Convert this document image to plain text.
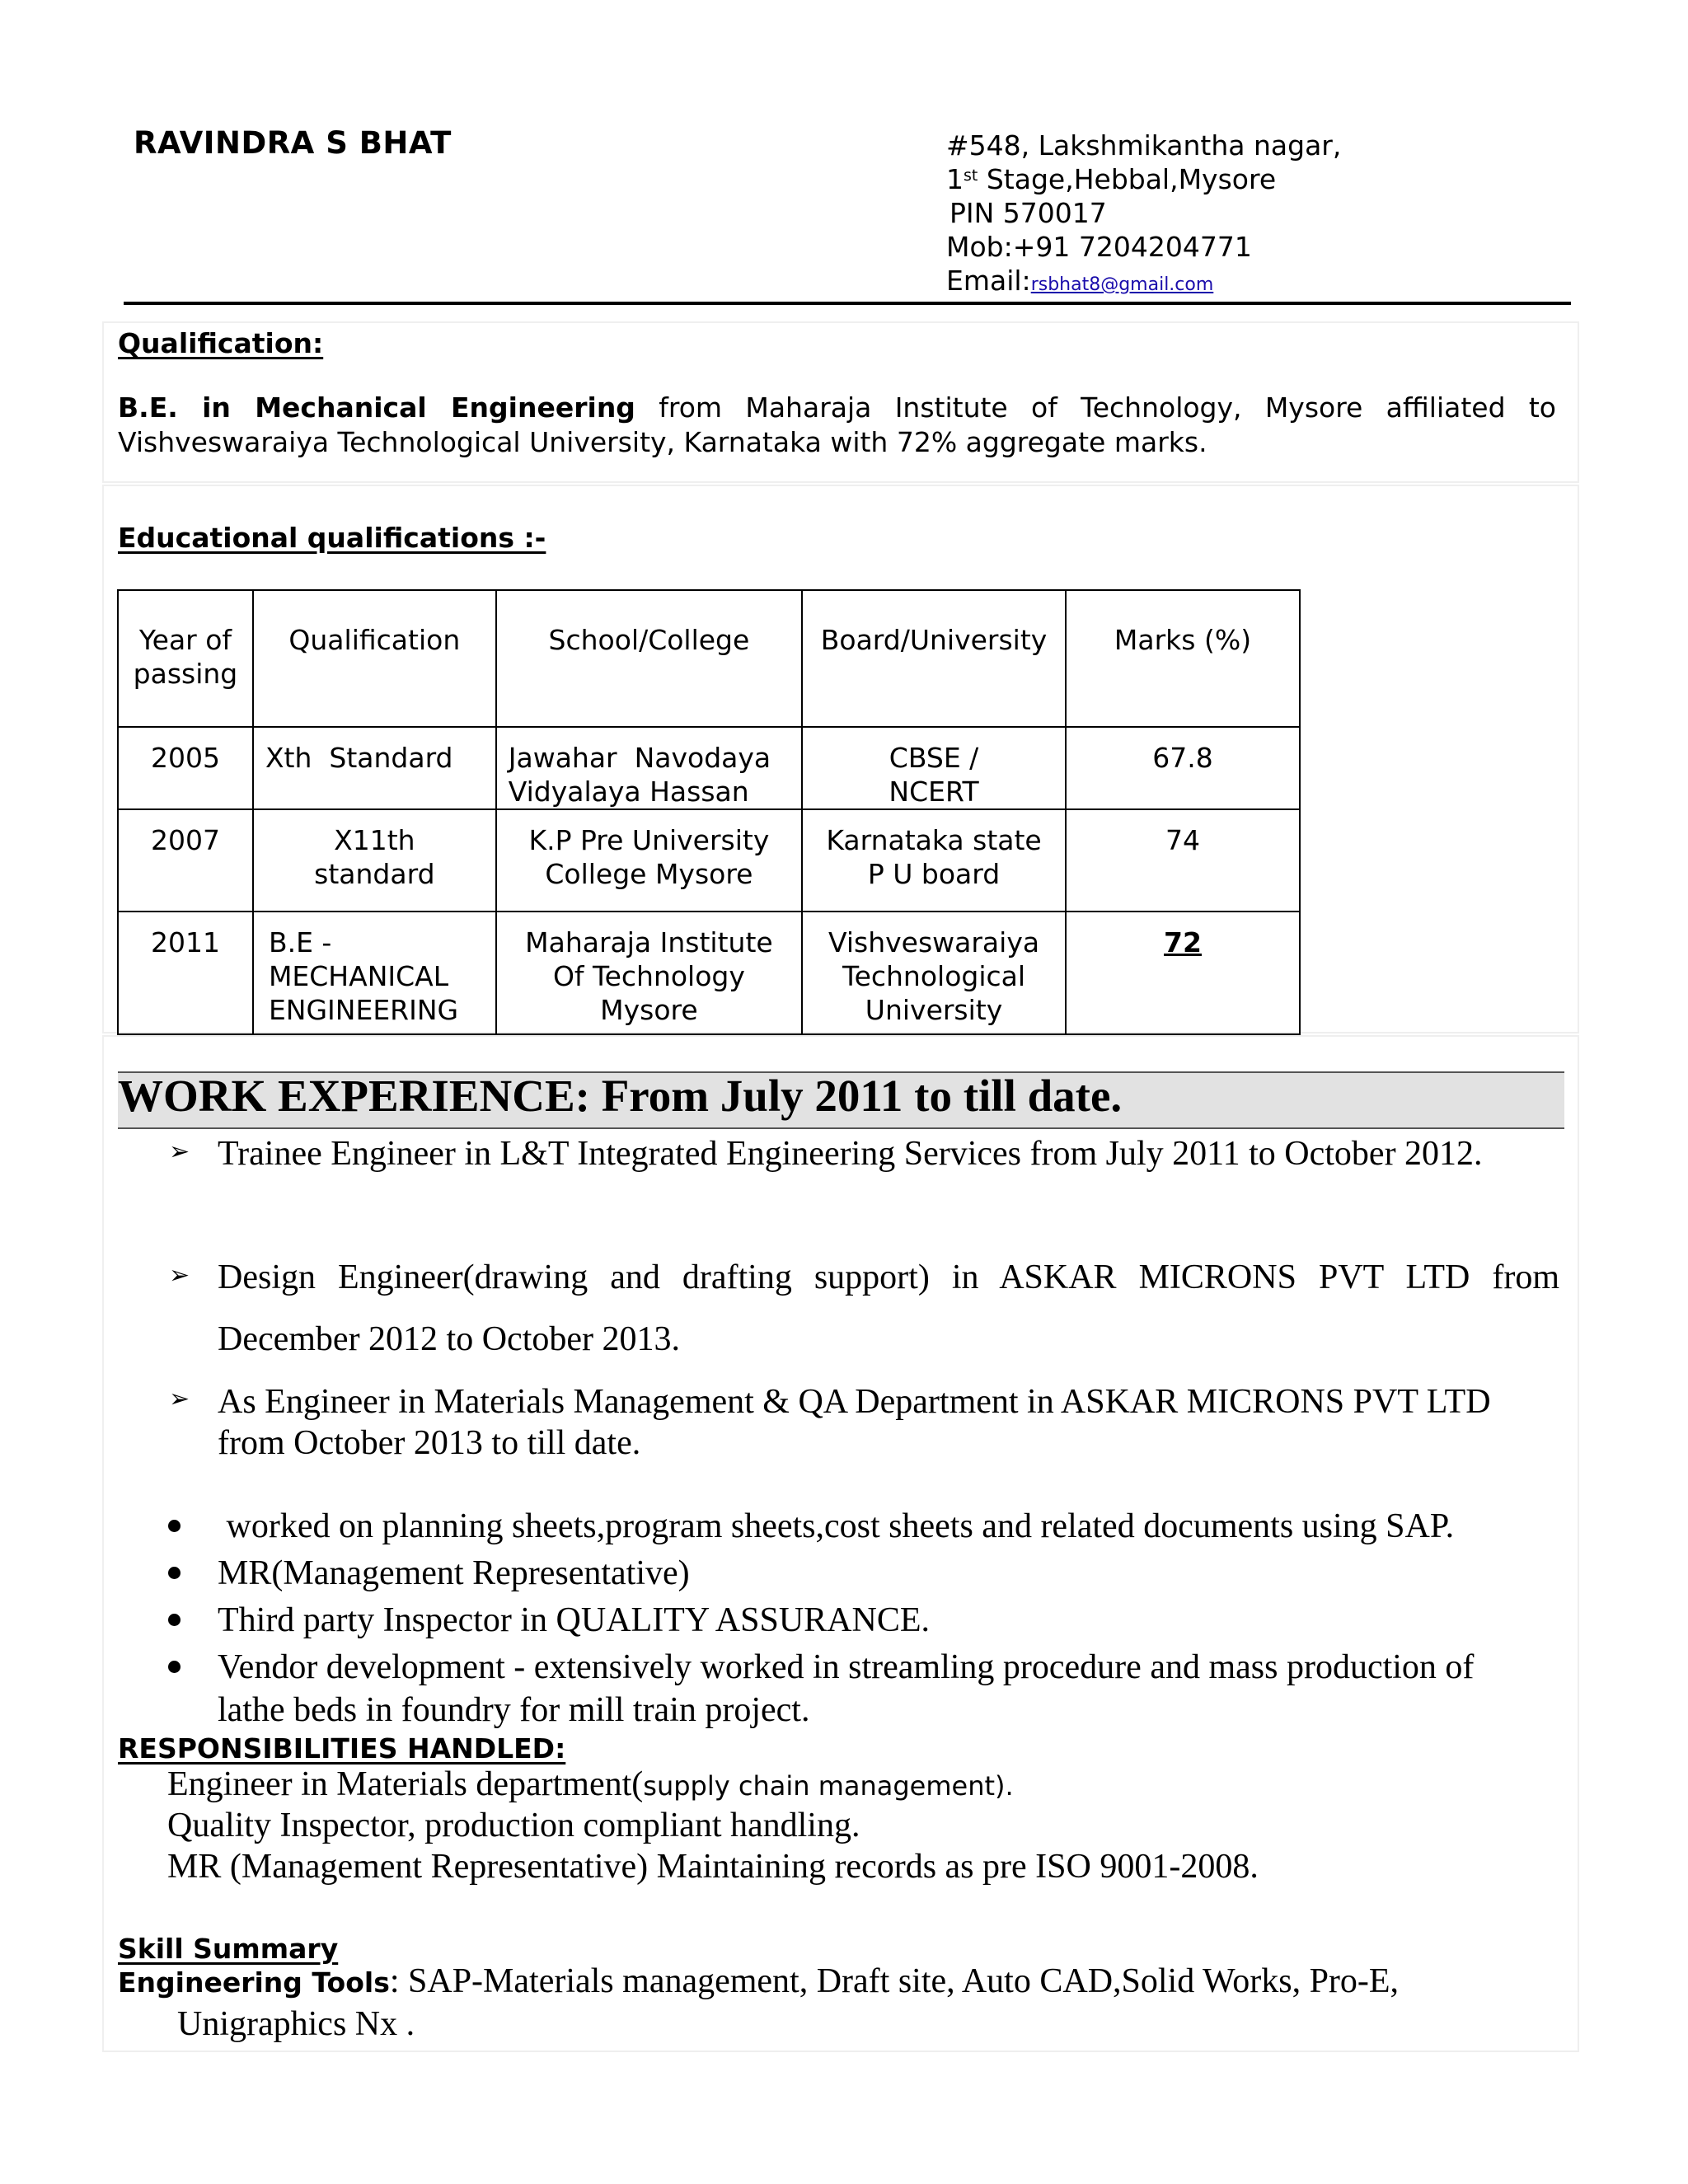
RAVINDRA S BHAT	#548, Lakshmikantha nagar,
1st Stage,Hebbal,Mysore
PIN 570017
Mob:+91 7204204771
Email:rsbhat8@gmail.com
Qualification:
B.E. in Mechanical Engineering from Maharaja Institute of Technology, Mysore affiliated to Vishveswaraiya Technological University, Karnataka with 72% aggregate marks.
Educational qualifications :-
Year of passing	Qualification	School/College	Board/University	Marks (%)
2005	Xth  Standard	Jawahar  Navodaya Vidyalaya Hassan	CBSE / NCERT	67.8
2007	X11th standard	K.P Pre University College Mysore	Karnataka state P U board	74
2011	B.E -MECHANICAL ENGINEERING	Maharaja Institute Of Technology Mysore	Vishveswaraiya Technological University	72
WORK EXPERIENCE: From July 2011 to till date.
➢ Trainee Engineer in L&T Integrated Engineering Services from July 2011 to October 2012.
➢ Design Engineer(drawing and drafting support) in ASKAR MICRONS PVT LTD from December 2012 to October 2013.
➢ As Engineer in Materials Management & QA Department in ASKAR MICRONS PVT LTD from October 2013 to till date.
worked on planning sheets,program sheets,cost sheets and related documents using SAP.
MR(Management Representative)
Third party Inspector in QUALITY ASSURANCE.
Vendor development - extensively worked in streamling procedure and mass production of lathe beds in foundry for mill train project.
RESPONSIBILITIES HANDLED:
Engineer in Materials department(supply chain management).
Quality Inspector, production compliant handling.
MR (Management Representative) Maintaining records as pre ISO 9001-2008.
Skill Summary
Engineering Tools: SAP-Materials management, Draft site, Auto CAD,Solid Works, Pro-E,
Unigraphics Nx .
